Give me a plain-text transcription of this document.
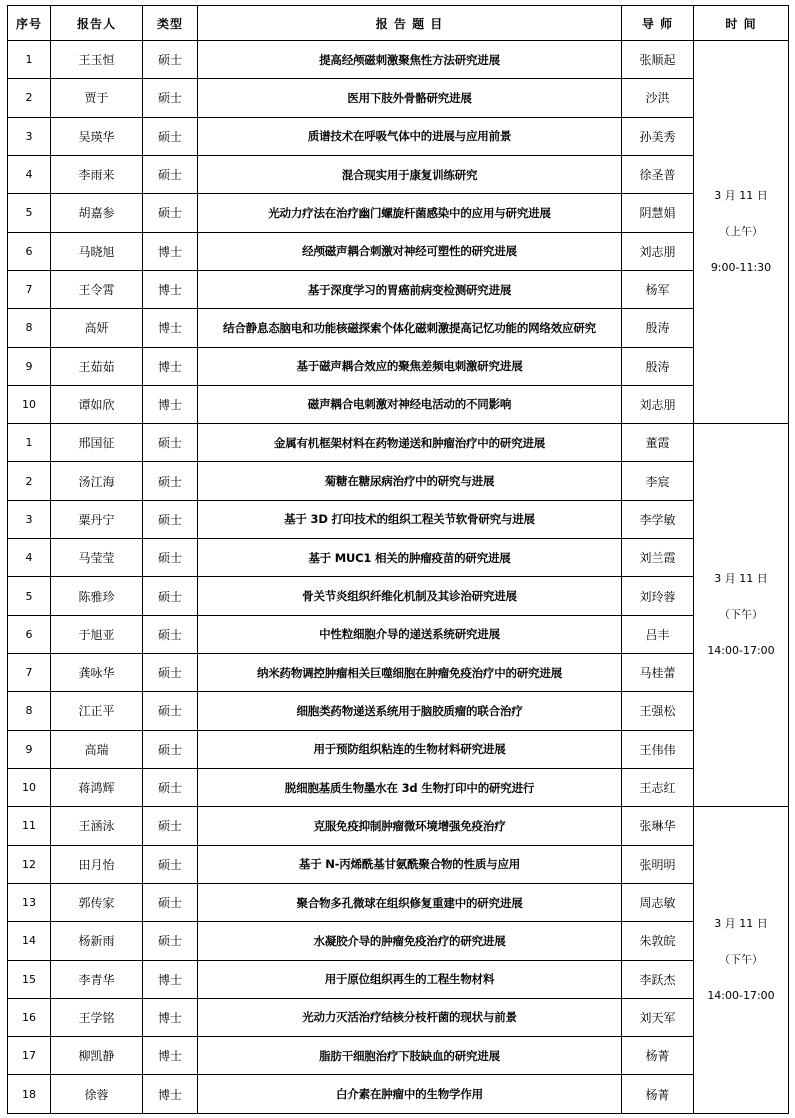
序号	报告人	类型	报 告 题 目	导 师	时 间
1	王玉恒	硕士	提高经颅磁刺激聚焦性方法研究进展	张顺起	3 月 11 日
（上午）
9:00-11:30

2	贾于	硕士	医用下肢外骨骼研究进展	沙洪	
3	吴瑛华	硕士	质谱技术在呼吸气体中的进展与应用前景	孙美秀	
4	李雨来	硕士	混合现实用于康复训练研究	徐圣普	
5	胡嘉参	硕士	光动力疗法在治疗幽门螺旋杆菌感染中的应用与研究进展	阴慧娟	
6	马晓旭	博士	经颅磁声耦合刺激对神经可塑性的研究进展	刘志朋	
7	王令霄	博士	基于深度学习的胃癌前病变检测研究进展	杨军	
8	高妍	博士	结合静息态脑电和功能核磁探索个体化磁刺激提高记忆功能的网络效应研究	殷涛	
9	王茹茹	博士	基于磁声耦合效应的聚焦差频电刺激研究进展	殷涛	
10	谭如欣	博士	磁声耦合电刺激对神经电活动的不同影响	刘志朋	
1	邢国征	硕士	金属有机框架材料在药物递送和肿瘤治疗中的研究进展	董霞	3 月 11 日
（下午）
14:00-17:00

2	汤江海	硕士	菊糖在糖尿病治疗中的研究与进展	李宸	
3	粟丹宁	硕士	基于 3D 打印技术的组织工程关节软骨研究与进展	李学敏	
4	马莹莹	硕士	基于 MUC1 相关的肿瘤疫苗的研究进展	刘兰霞	
5	陈雅珍	硕士	骨关节炎组织纤维化机制及其诊治研究进展	刘玲蓉	
6	于旭亚	硕士	中性粒细胞介导的递送系统研究进展	吕丰	
7	龚咏华	硕士	纳米药物调控肿瘤相关巨噬细胞在肿瘤免疫治疗中的研究进展	马桂蕾	
8	江正平	硕士	细胞类药物递送系统用于脑胶质瘤的联合治疗	王强松	
9	高瑞	硕士	用于预防组织粘连的生物材料研究进展	王伟伟	
10	蒋鸿辉	硕士	脱细胞基质生物墨水在 3d 生物打印中的研究进行	王志红	
11	王涵泳	硕士	克服免疫抑制肿瘤微环境增强免疫治疗	张琳华	3 月 11 日
（下午）
14:00-17:00

12	田月怡	硕士	基于 N-丙烯酰基甘氨酰聚合物的性质与应用	张明明	
13	郭传家	硕士	聚合物多孔微球在组织修复重建中的研究进展	周志敏	
14	杨新雨	硕士	水凝胶介导的肿瘤免疫治疗的研究进展	朱敦皖	
15	李青华	博士	用于原位组织再生的工程生物材料	李跃杰	
16	王学铭	博士	光动力灭活治疗结核分枝杆菌的现状与前景	刘天军	
17	柳凯静	博士	脂肪干细胞治疗下肢缺血的研究进展	杨菁	
18	徐蓉	博士	白介素在肿瘤中的生物学作用	杨菁	
